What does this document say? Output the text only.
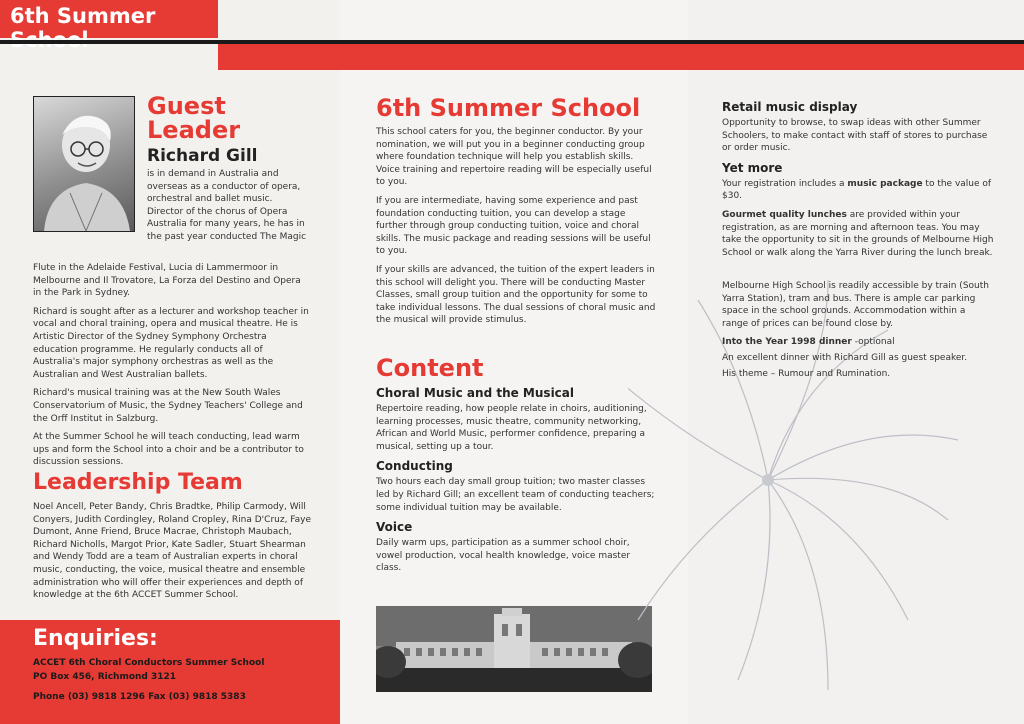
6th Summer
Guest
Leader
Richard Gill

is in demand in Australia and overseas as a conductor of opera, orchestral and ballet music. Director of the chorus of Opera Australia for many years, he has in the past year conducted The Magic

Flute in the Adelaide Festival, Lucia di Lammermoor in Melbourne and Il Trovatore, La Forza del Destino and Opera in the Park in Sydney.

Richard is sought after as a lecturer and workshop teacher in vocal and choral training, opera and musical theatre. He is Artistic Director of the Sydney Symphony Orchestra education programme. He regularly conducts all of Australia's major symphony orchestras as well as the Australian and West Australian ballets.

Richard's musical training was at the New South Wales Conservatorium of Music, the Sydney Teachers' College and the Orff Institut in Salzburg.

At the Summer School he will teach conducting, lead warm ups and form the School into a choir and be a contributor to discussion sessions.

Leadership Team

Noel Ancell, Peter Bandy, Chris Bradtke, Philip Carmody, Will Conyers, Judith Cordingley, Roland Cropley, Rina D'Cruz, Faye Dumont, Anne Friend, Bruce Macrae, Christoph Maubach, Richard Nicholls, Margot Prior, Kate Sadler, Stuart Shearman and Wendy Todd are a team of Australian experts in choral music, conducting, the voice, musical theatre and ensemble administration who will offer their experiences and depth of knowledge at the 6th ACCET Summer School.

Enquiries:
ACCET 6th Choral Conductors Summer School
PO Box 456, Richmond 3121
Phone (03) 9818 1296 Fax (03) 9818 5383
6th Summer School

This school caters for you, the beginner conductor. By your nomination, we will put you in a beginner conducting group where foundation technique will help you establish skills. Voice training and repertoire reading will be especially useful to you.

If you are intermediate, having some experience and past foundation conducting tuition, you can develop a stage further through group conducting tuition, voice and choral skills. The music package and reading sessions will be useful to you.

If your skills are advanced, the tuition of the expert leaders in this school will delight you. There will be conducting Master Classes, small group tuition and the opportunity for some to take individual lessons. The dual sessions of choral music and the musical will provide stimulus.

Content
Choral Music and the Musical

Repertoire reading, how people relate in choirs, auditioning, learning processes, music theatre, community networking, African and World Music, performer confidence, preparing a musical, setting up a tour.

Conducting

Two hours each day small group tuition; two master classes led by Richard Gill; an excellent team of conducting teachers; some individual tuition may be available.

Voice

Daily warm ups, participation as a summer school choir, vowel production, vocal health knowledge, voice master class.

Retail music display

Opportunity to browse, to swap ideas with other Summer Schoolers, to make contact with staff of stores to purchase or order music.

Yet more

Your registration includes a music package to the value of $30.

Gourmet quality lunches are provided within your registration, as are morning and afternoon teas. You may take the opportunity to sit in the grounds of Melbourne High School or walk along the Yarra River during the lunch break.

Melbourne High School is readily accessible by train (South Yarra Station), tram and bus. There is ample car parking space in the school grounds. Accommodation within a range of prices can be found close by.

Into the Year 1998 dinner -optional

An excellent dinner with Richard Gill as guest speaker.

His theme – Rumour and Rumination.
